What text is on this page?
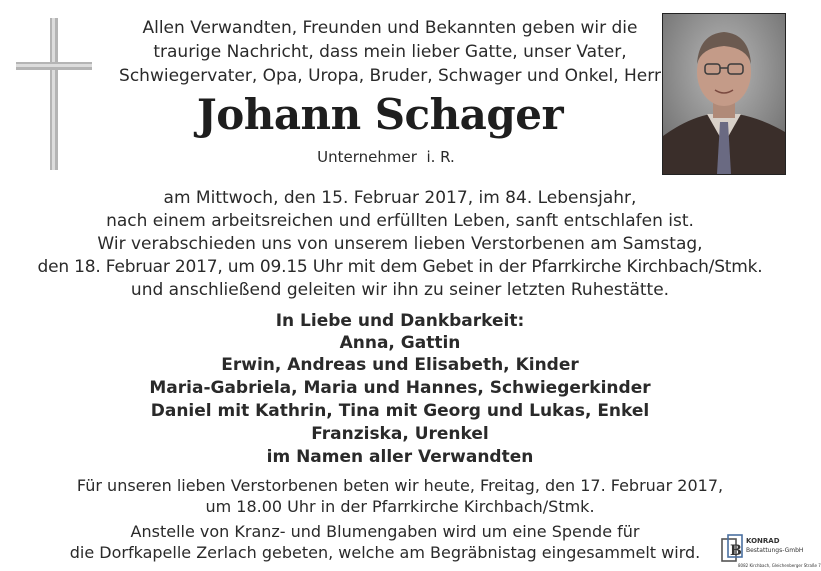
Allen Verwandten, Freunden und Bekannten geben wir die
traurige Nachricht, dass mein lieber Gatte, unser Vater,
Schwiegervater, Opa, Uropa, Bruder, Schwager und Onkel, Herr
Johann Schager
Unternehmer  i. R.
am Mittwoch, den 15. Februar 2017, im 84. Lebensjahr,
nach einem arbeitsreichen und erfüllten Leben, sanft entschlafen ist.
Wir verabschieden uns von unserem lieben Verstorbenen am Samstag,
den 18. Februar 2017, um 09.15 Uhr mit dem Gebet in der Pfarrkirche Kirchbach/Stmk.
und anschließend geleiten wir ihn zu seiner letzten Ruhestätte.
In Liebe und Dankbarkeit:
Anna, Gattin
Erwin, Andreas und Elisabeth, Kinder
Maria-Gabriela, Maria und Hannes, Schwiegerkinder
Daniel mit Kathrin, Tina mit Georg und Lukas, Enkel
Franziska, Urenkel
im Namen aller Verwandten
Für unseren lieben Verstorbenen beten wir heute, Freitag, den 17. Februar 2017,
um 18.00 Uhr in der Pfarrkirche Kirchbach/Stmk.
Anstelle von Kranz- und Blumengaben wird um eine Spende für
die Dorfkapelle Zerlach gebeten, welche am Begräbnistag eingesammelt wird.	B
KONRAD
Bestattungs-GmbH
8082 Kirchbach, Gleichenberger Straße 7
